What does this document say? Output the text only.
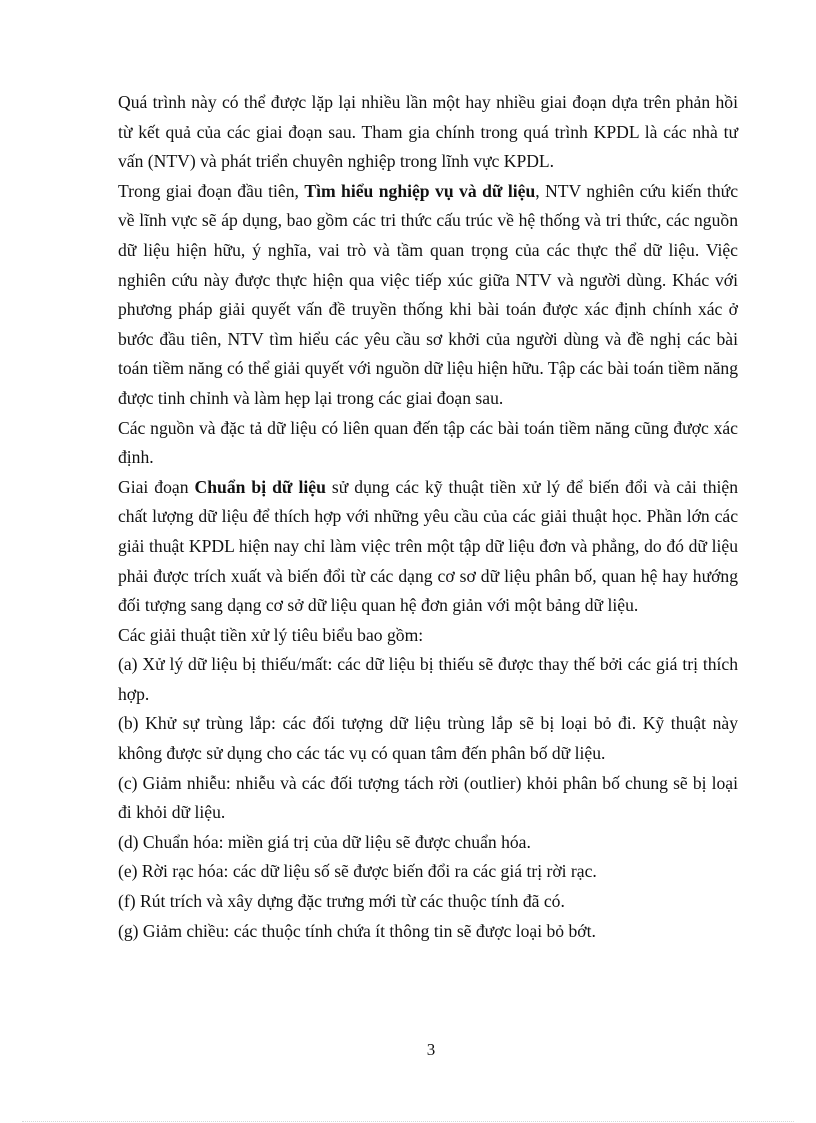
Quá trình này có thể được lặp lại nhiều lần một hay nhiều giai đoạn dựa trên phản hồi từ kết quả của các giai đoạn sau. Tham gia chính trong quá trình KPDL là các nhà tư vấn (NTV) và phát triển chuyên nghiệp trong lĩnh vực KPDL.

Trong giai đoạn đầu tiên, Tìm hiểu nghiệp vụ và dữ liệu, NTV nghiên cứu kiến thức về lĩnh vực sẽ áp dụng, bao gồm các tri thức cấu trúc về hệ thống và tri thức, các nguồn dữ liệu hiện hữu, ý nghĩa, vai trò và tầm quan trọng của các thực thể dữ liệu. Việc nghiên cứu này được thực hiện qua việc tiếp xúc giữa NTV và người dùng. Khác với phương pháp giải quyết vấn đề truyền thống khi bài toán được xác định chính xác ở bước đầu tiên, NTV tìm hiểu các yêu cầu sơ khởi của người dùng và đề nghị các bài toán tiềm năng có thể giải quyết với nguồn dữ liệu hiện hữu. Tập các bài toán tiềm năng được tinh chỉnh và làm hẹp lại trong các giai đoạn sau.

Các nguồn và đặc tả dữ liệu có liên quan đến tập các bài toán tiềm năng cũng được xác định.

Giai đoạn Chuẩn bị dữ liệu sử dụng các kỹ thuật tiền xử lý để biến đổi và cải thiện chất lượng dữ liệu để thích hợp với những yêu cầu của các giải thuật học. Phần lớn các giải thuật KPDL hiện nay chỉ làm việc trên một tập dữ liệu đơn và phẳng, do đó dữ liệu phải được trích xuất và biến đổi từ các dạng cơ sơ dữ liệu phân bố, quan hệ hay hướng đối tượng sang dạng cơ sở dữ liệu quan hệ đơn giản với một bảng dữ liệu.

Các giải thuật tiền xử lý tiêu biểu bao gồm:

(a) Xử lý dữ liệu bị thiếu/mất: các dữ liệu bị thiếu sẽ được thay thế bởi các giá trị thích hợp.

(b) Khử sự trùng lắp: các đối tượng dữ liệu trùng lắp sẽ bị loại bỏ đi. Kỹ thuật này không được sử dụng cho các tác vụ có quan tâm đến phân bố dữ liệu.

(c) Giảm nhiễu: nhiễu và các đối tượng tách rời (outlier) khỏi phân bố chung sẽ bị loại đi khỏi dữ liệu.

(d) Chuẩn hóa: miền giá trị của dữ liệu sẽ được chuẩn hóa.

(e) Rời rạc hóa: các dữ liệu số sẽ được biến đổi ra các giá trị rời rạc.

(f) Rút trích và xây dựng đặc trưng mới từ các thuộc tính đã có.

(g) Giảm chiều: các thuộc tính chứa ít thông tin sẽ được loại bỏ bớt.

3
